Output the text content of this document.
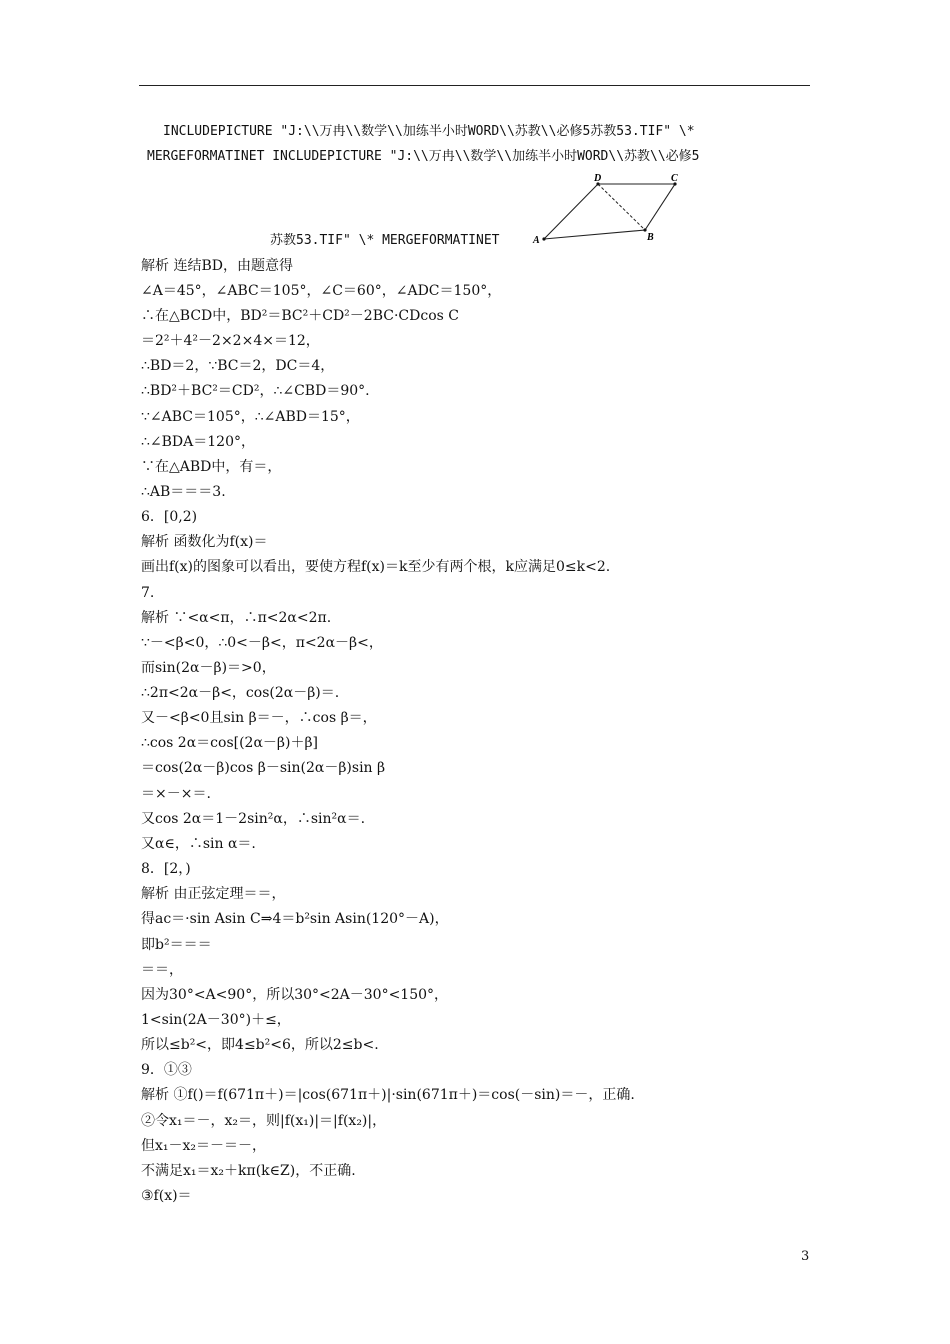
INCLUDEPICTURE "J:\\万冉\\数学\\加练半小时WORD\\苏教\\必修5苏教53.TIF" \*
MERGEFORMATINET INCLUDEPICTURE "J:\\万冉\\数学\\加练半小时WORD\\苏教\\必修5
苏教53.TIF" \* MERGEFORMATINET	A
D	C
B
解析 连结BD，由题意得
∠A＝45°，∠ABC＝105°，∠C＝60°，∠ADC＝150°，
∴在△BCD中，BD²＝BC²＋CD²－2BC·CDcos C
＝2²＋4²－2×2×4×＝12，
∴BD＝2，∵BC＝2，DC＝4，
∴BD²＋BC²＝CD²，∴∠CBD＝90°.
∵∠ABC＝105°，∴∠ABD＝15°，
∴∠BDA＝120°，
∵在△ABD中，有＝，
∴AB＝＝＝3.
6．[0,2)
解析 函数化为f(x)＝
画出f(x)的图象可以看出，要使方程f(x)＝k至少有两个根，k应满足0≤k<2.
7.
解析 ∵<α<π，∴π<2α<2π.
∵－<β<0，∴0<－β<，π<2α－β<，
而sin(2α－β)＝>0，
∴2π<2α－β<，cos(2α－β)＝.
又－<β<0且sin β＝－，∴cos β＝，
∴cos 2α＝cos[(2α－β)＋β]
＝cos(2α－β)cos β－sin(2α－β)sin β
＝×－×＝.
又cos 2α＝1－2sin²α，∴sin²α＝.
又α∈，∴sin α＝.
8．[2，)
解析 由正弦定理＝＝，
得ac＝·sin Asin C⇒4＝b²sin Asin(120°－A)，
即b²＝＝＝
＝＝，
因为30°<A<90°，所以30°<2A－30°<150°，
1<sin(2A－30°)＋≤，
所以≤b²<，即4≤b²<6，所以2≤b<.
9．①③
解析 ①f()＝f(671π＋)＝|cos(671π＋)|·sin(671π＋)＝cos(－sin)＝－，正确.
②令x₁＝－，x₂＝，则|f(x₁)|＝|f(x₂)|，
但x₁－x₂＝－＝－，
不满足x₁＝x₂＋kπ(k∈Z)，不正确.
③f(x)＝
3
